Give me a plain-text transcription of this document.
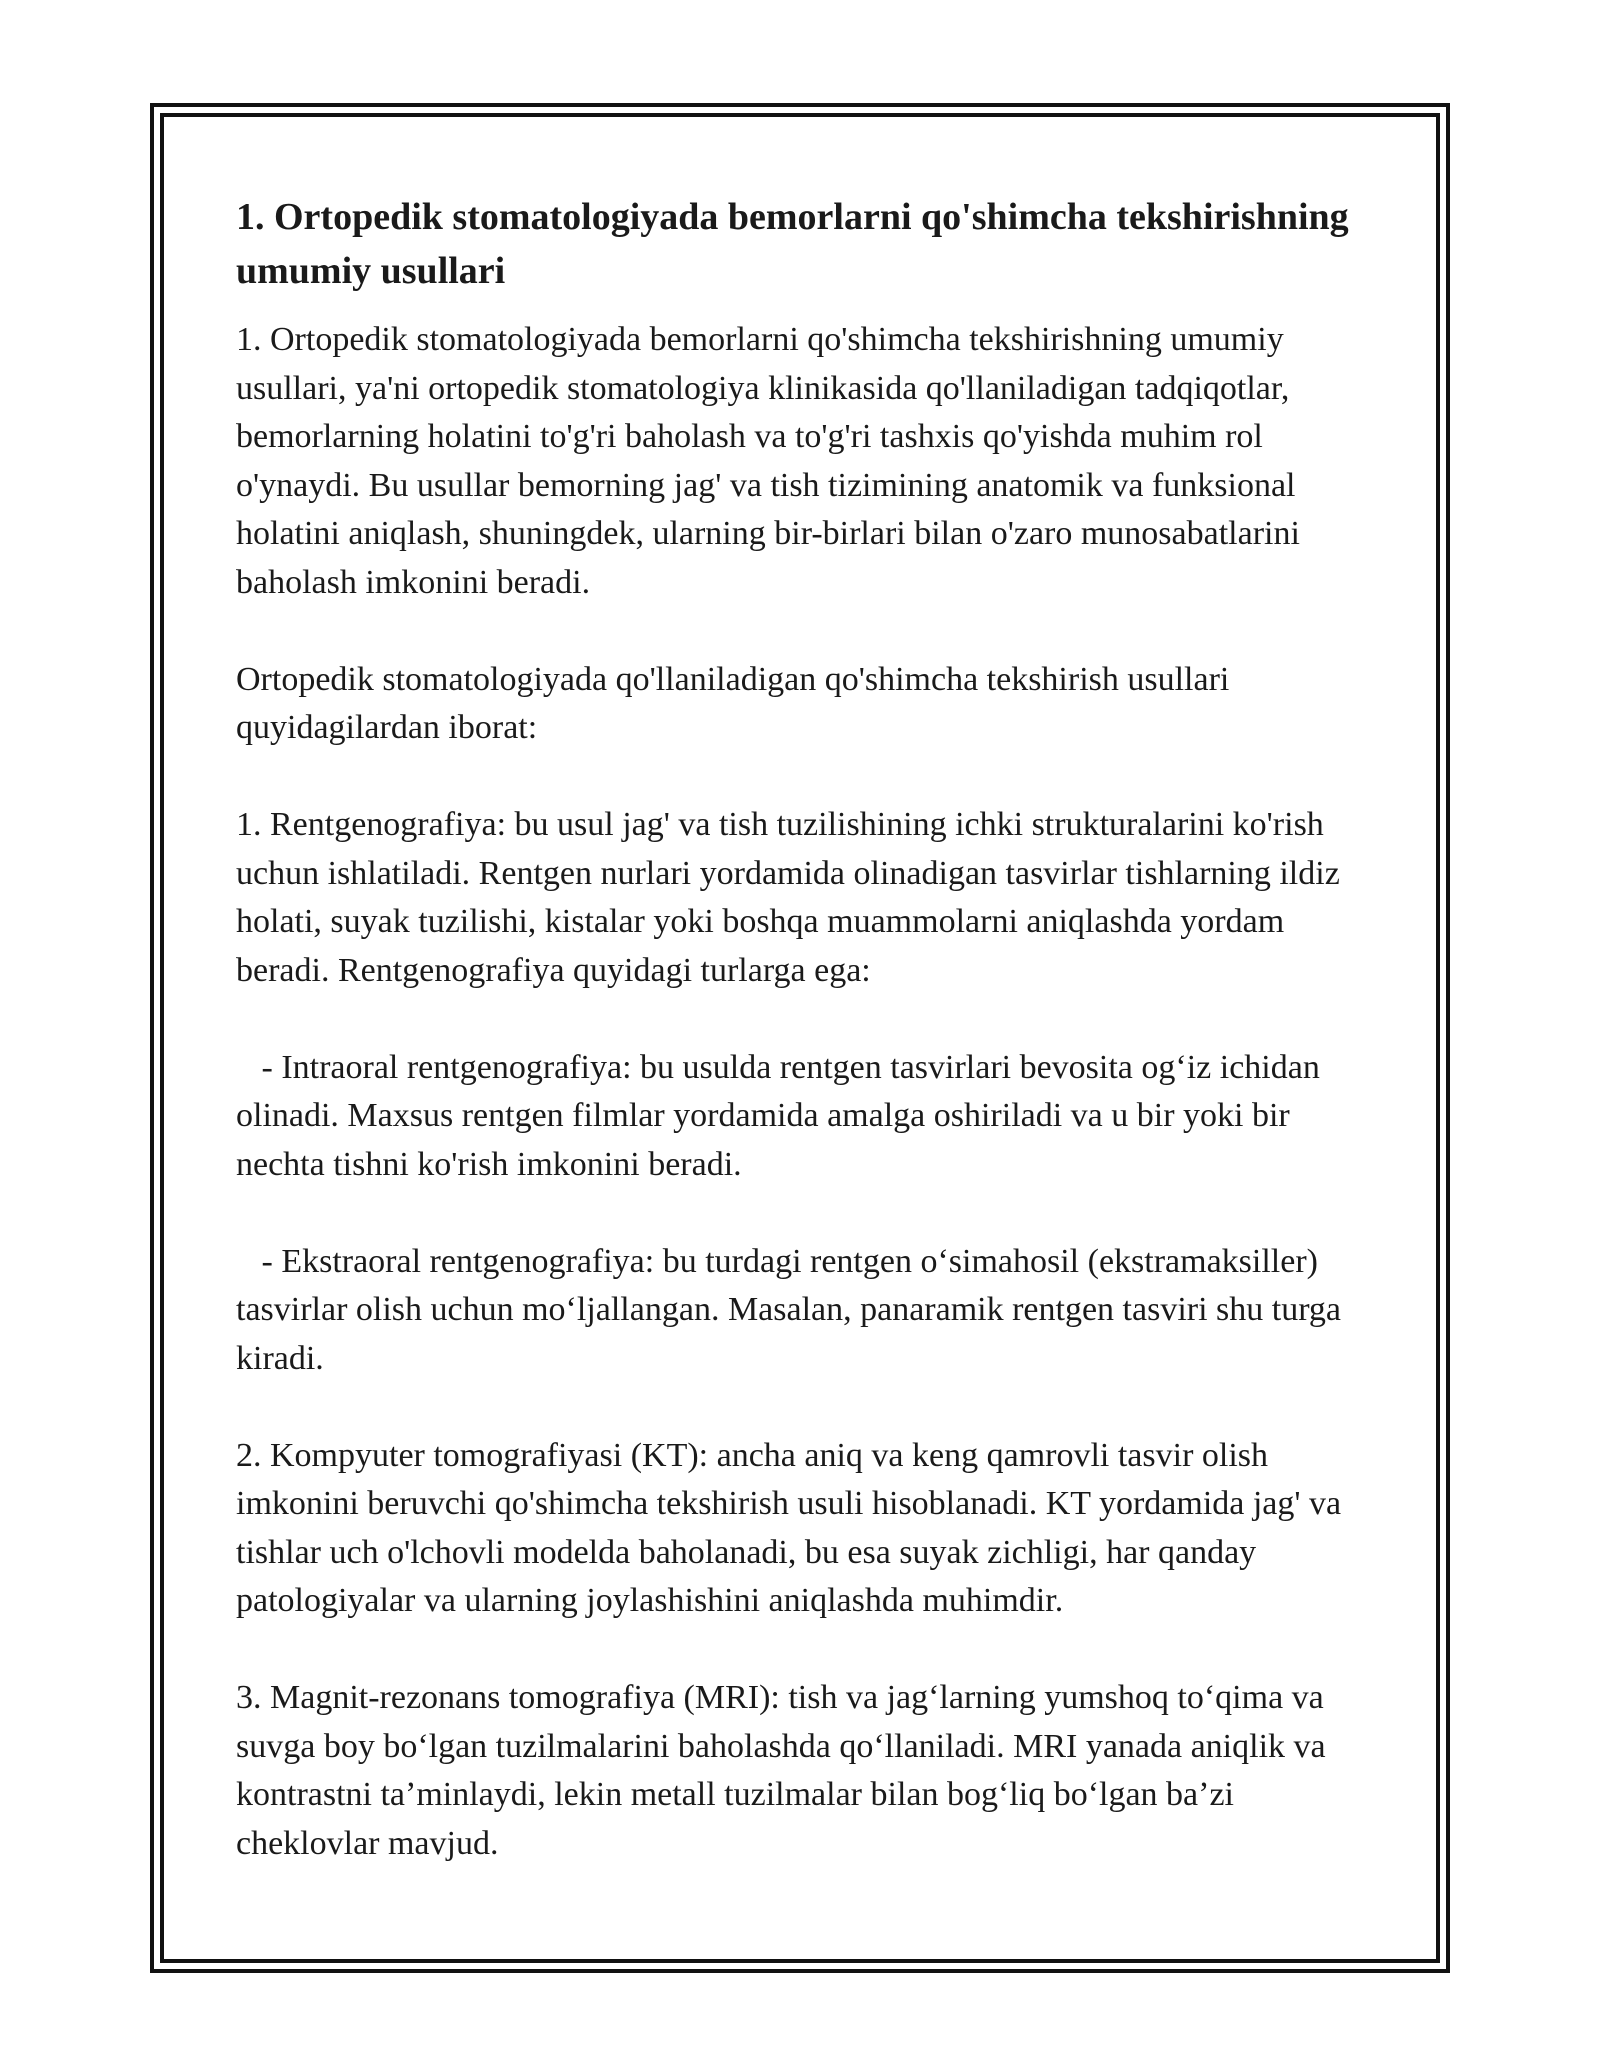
1. Ortopedik stomatologiyada bemorlarni qo'shimcha tekshirishning umumiy usullari

1. Ortopedik stomatologiyada bemorlarni qo'shimcha tekshirishning umumiy usullari, ya'ni ortopedik stomatologiya klinikasida qo'llaniladigan tadqiqotlar, bemorlarning holatini to'g'ri baholash va to'g'ri tashxis qo'yishda muhim rol o'ynaydi. Bu usullar bemorning jag' va tish tizimining anatomik va funksional holatini aniqlash, shuningdek, ularning bir-birlari bilan o'zaro munosabatlarini baholash imkonini beradi.

Ortopedik stomatologiyada qo'llaniladigan qo'shimcha tekshirish usullari quyidagilardan iborat:

1. Rentgenografiya: bu usul jag' va tish tuzilishining ichki strukturalarini ko'rish uchun ishlatiladi. Rentgen nurlari yordamida olinadigan tasvirlar tishlarning ildiz holati, suyak tuzilishi, kistalar yoki boshqa muammolarni aniqlashda yordam beradi. Rentgenografiya quyidagi turlarga ega:

- Intraoral rentgenografiya: bu usulda rentgen tasvirlari bevosita ogʻiz ichidan olinadi. Maxsus rentgen filmlar yordamida amalga oshiriladi va u bir yoki bir nechta tishni ko'rish imkonini beradi.

- Ekstraoral rentgenografiya: bu turdagi rentgen oʻsimahosil (ekstramaksiller) tasvirlar olish uchun moʻljallangan. Masalan, panaramik rentgen tasviri shu turga kiradi.

2. Kompyuter tomografiyasi (KT): ancha aniq va keng qamrovli tasvir olish imkonini beruvchi qo'shimcha tekshirish usuli hisoblanadi. KT yordamida jag' va tishlar uch o'lchovli modelda baholanadi, bu esa suyak zichligi, har qanday patologiyalar va ularning joylashishini aniqlashda muhimdir.

3. Magnit-rezonans tomografiya (MRI): tish va jagʻlarning yumshoq toʻqima va suvga boy boʻlgan tuzilmalarini baholashda qoʻllaniladi. MRI yanada aniqlik va kontrastni taʼminlaydi, lekin metall tuzilmalar bilan bogʻliq boʻlgan baʼzi cheklovlar mavjud.
